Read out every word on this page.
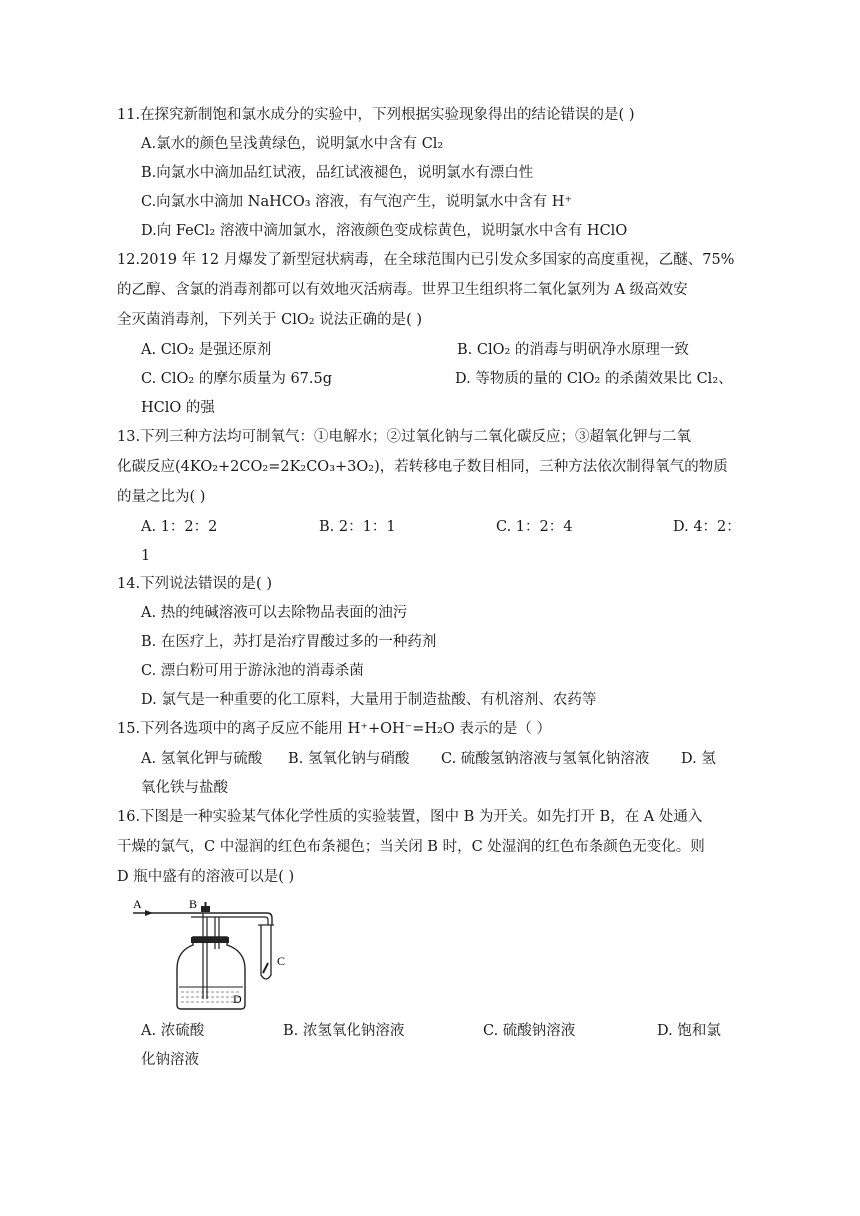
11.在探究新制饱和氯水成分的实验中，下列根据实验现象得出的结论错误的是( )
A.氯水的颜色呈浅黄绿色，说明氯水中含有 Cl₂
B.向氯水中滴加品红试液，品红试液褪色，说明氯水有漂白性
C.向氯水中滴加 NaHCO₃ 溶液，有气泡产生，说明氯水中含有 H⁺
D.向 FeCl₂ 溶液中滴加氯水，溶液颜色变成棕黄色，说明氯水中含有 HClO
12.2019 年 12 月爆发了新型冠状病毒，在全球范围内已引发众多国家的高度重视，乙醚、75%
的乙醇、含氯的消毒剂都可以有效地灭活病毒。世界卫生组织将二氧化氯列为 A 级高效安
全灭菌消毒剂，下列关于 ClO₂ 说法正确的是( )
A. ClO₂ 是强还原剂	B. ClO₂ 的消毒与明矾净水原理一致
C. ClO₂ 的摩尔质量为 67.5g	D. 等物质的量的 ClO₂ 的杀菌效果比 Cl₂、
HClO 的强
13.下列三种方法均可制氧气：①电解水；②过氧化钠与二氧化碳反应；③超氧化钾与二氧
化碳反应(4KO₂+2CO₂=2K₂CO₃+3O₂)，若转移电子数目相同，三种方法依次制得氧气的物质
的量之比为( )
A. 1：2：2	B. 2：1：1	C. 1：2：4	D. 4：2：
1
14.下列说法错误的是( )
A. 热的纯碱溶液可以去除物品表面的油污
B. 在医疗上，苏打是治疗胃酸过多的一种药剂
C. 漂白粉可用于游泳池的消毒杀菌
D. 氯气是一种重要的化工原料，大量用于制造盐酸、有机溶剂、农药等
15.下列各选项中的离子反应不能用 H⁺+OH⁻=H₂O 表示的是（ ）
A. 氢氧化钾与硫酸 B. 氢氧化钠与硝酸 C. 硫酸氢钠溶液与氢氧化钠溶液 D. 氢
氧化铁与盐酸
16.下图是一种实验某气体化学性质的实验装置，图中 B 为开关。如先打开 B，在 A 处通入
干燥的氯气，C 中湿润的红色布条褪色；当关闭 B 时，C 处湿润的红色布条颜色无变化。则
D 瓶中盛有的溶液可以是( )
A	B
D
C
A. 浓硫酸	B. 浓氢氧化钠溶液	C. 硫酸钠溶液	D. 饱和氯
化钠溶液
